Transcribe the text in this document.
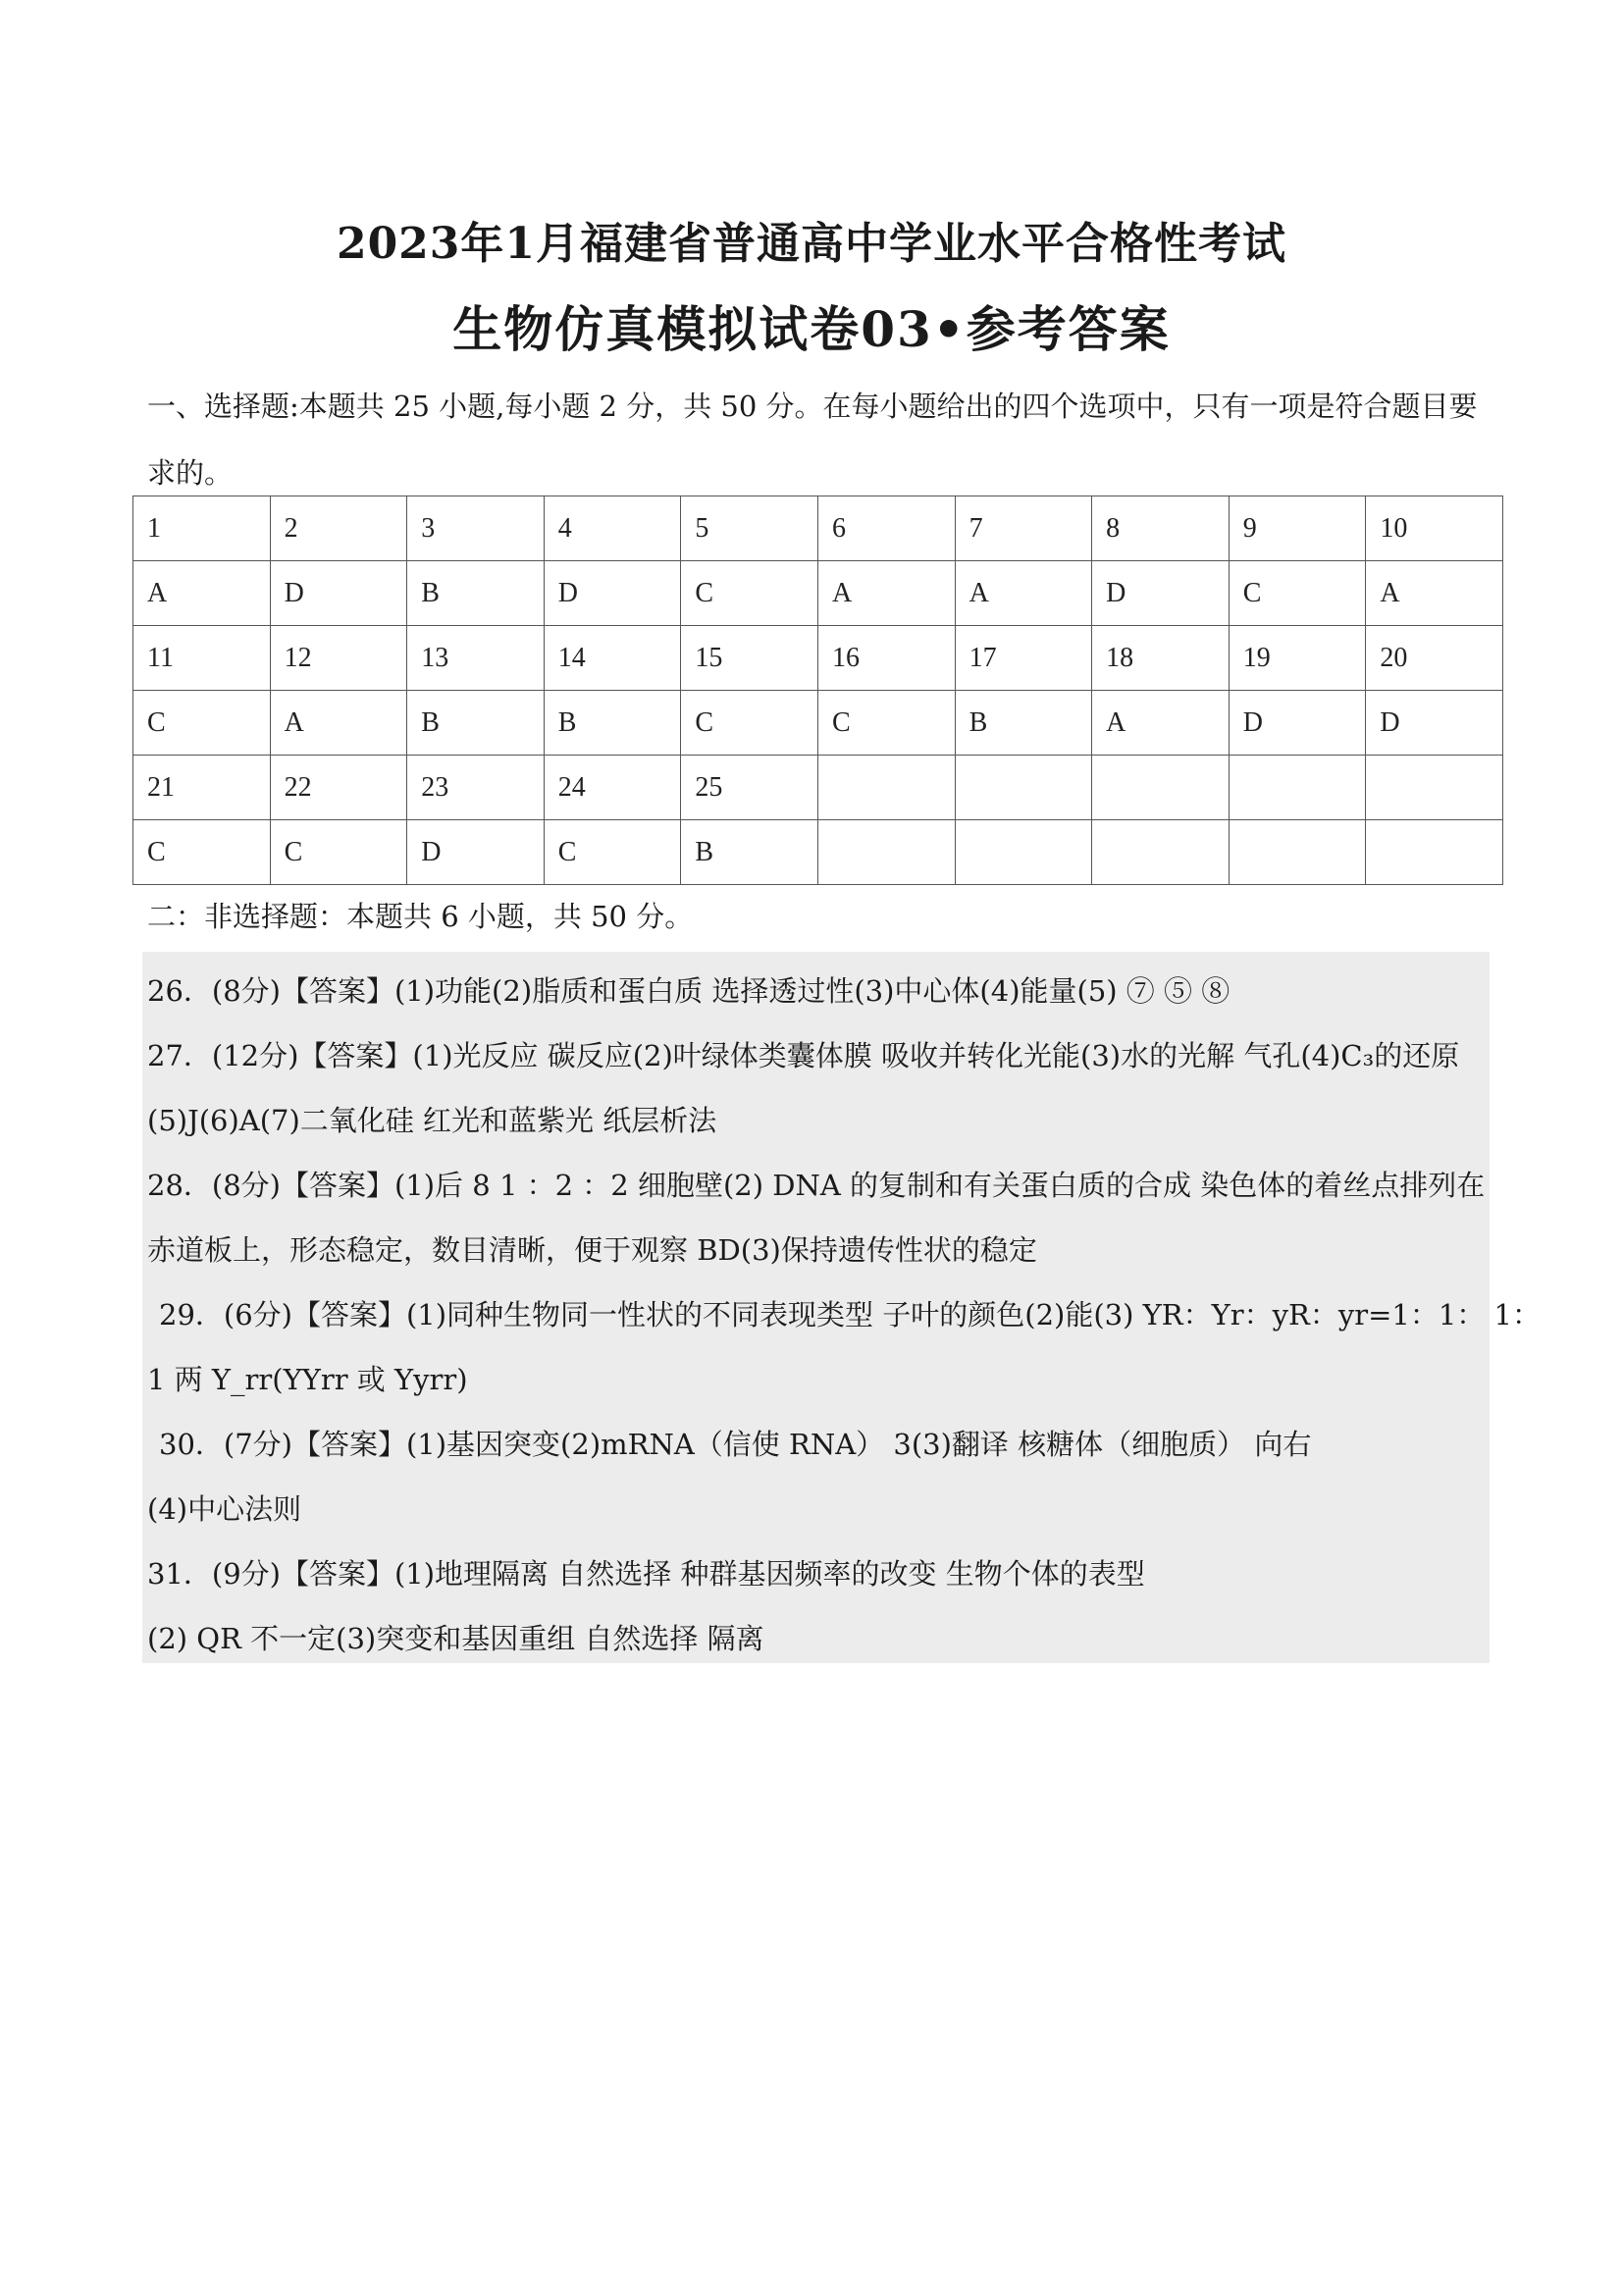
2023年1月福建省普通高中学业水平合格性考试
生物仿真模拟试卷03•参考答案
一、选择题:本题共 25 小题,每小题 2 分，共 50 分。在每小题给出的四个选项中，只有一项是符合题目要求的。
1	2	3	4	5	6	7	8	9	10
A	D	B	D	C	A	A	D	C	A
11	12	13	14	15	16	17	18	19	20
C	A	B	B	C	C	B	A	D	D
21	22	23	24	25					
C	C	D	C	B					
二：非选择题：本题共 6 小题，共 50 分。
26．(8分)【答案】(1)功能(2)脂质和蛋白质 选择透过性(3)中心体(4)能量(5) ⑦ ⑤ ⑧
27．(12分)【答案】(1)光反应 碳反应(2)叶绿体类囊体膜 吸收并转化光能(3)水的光解 气孔(4)C₃的还原
(5)J(6)A(7)二氧化硅 红光和蓝紫光 纸层析法
28．(8分)【答案】(1)后 8 1 ：2 ：2 细胞壁(2) DNA 的复制和有关蛋白质的合成 染色体的着丝点排列在
赤道板上，形态稳定，数目清晰，便于观察 BD(3)保持遗传性状的稳定
29．(6分)【答案】(1)同种生物同一性状的不同表现类型 子叶的颜色(2)能(3) YR：Yr：yR：yr=1：1： 1：
1 两 Y_rr(YYrr 或 Yyrr)
30．(7分)【答案】(1)基因突变(2)mRNA（信使 RNA） 3(3)翻译 核糖体（细胞质） 向右
(4)中心法则
31．(9分)【答案】(1)地理隔离 自然选择 种群基因频率的改变 生物个体的表型
(2) QR 不一定(3)突变和基因重组 自然选择 隔离
